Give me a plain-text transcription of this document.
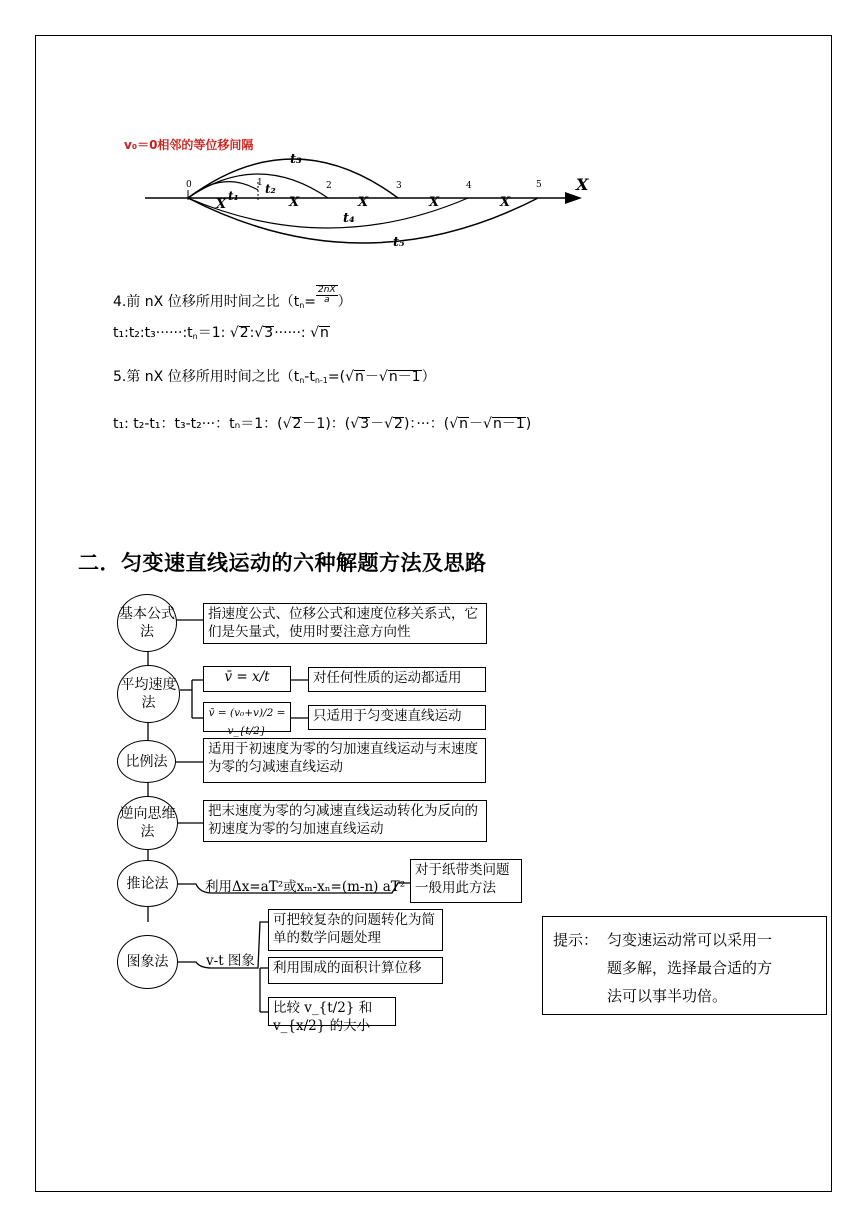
v₀＝0相邻的等位移间隔
0	1	2	3	4	5 X
X	X	X	X	X
t₁ t₂
t₃
t₄
t₅
4.前 nX 位移所用时间之比（$t_n= \frac{2nX}{a}$ ）
$t_1:t_2:t_3\cdot\cdot\cdot\cdot\cdot\cdot:t_n=1$: √2:√3······: √n
5.第 nX 位移所用时间之比（$t_n-t_{n-1}=(√n-√n-1)$
t₁: t₂-t₁：t₃-t₂···：tₙ＝1：(√2－1)：(√3－√2)：···：(√n－√n－1)
二．匀变速直线运动的六种解题方法及思路
基本公式法
指速度公式、位移公式和速度位移关系式，它们是矢量式，使用时要注意方向性
平均速度法
v̄ = x/t	对任何性质的运动都适用
v̄ = (v₀+v)/2 = v_{t/2}
只适用于匀变速直线运动
比例法
适用于初速度为零的匀加速直线运动与末速度为零的匀减速直线运动
逆向思维法
把末速度为零的匀减速直线运动转化为反向的初速度为零的匀加速直线运动
推论法	利用Δx=aT²或xₘ-xₙ=(m-n) aT²
对于纸带类问题一般用此方法
图象法	v-t 图象
可把较复杂的问题转化为简单的数学问题处理
利用围成的面积计算位移
比较 v_{t/2} 和 v_{x/2} 的大小
提示： 匀变速运动常可以采用一
题多解，选择最合适的方
法可以事半功倍。
